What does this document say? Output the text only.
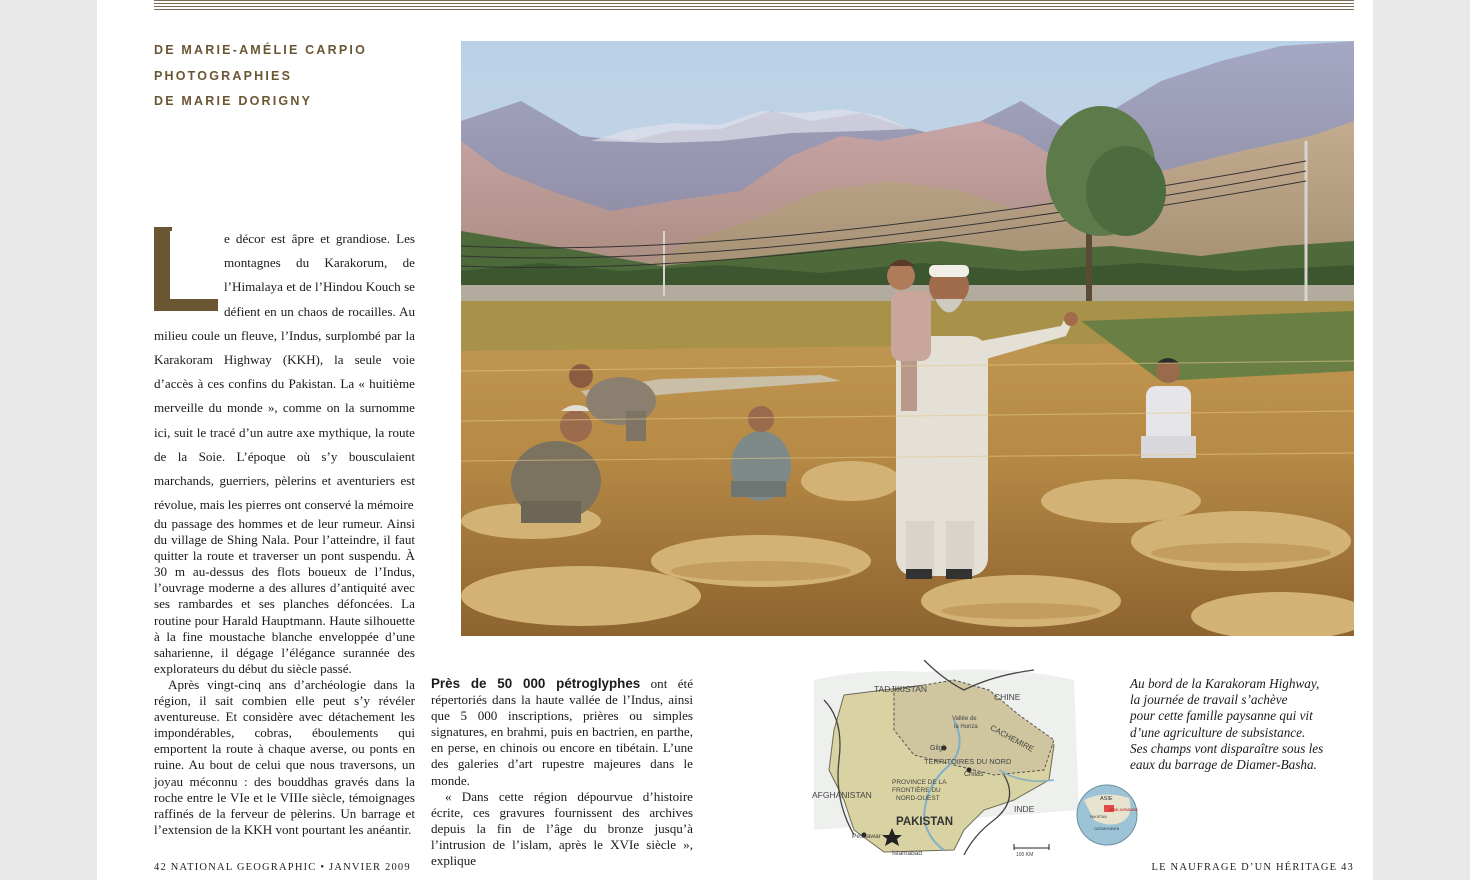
DE MARIE-AMÉLIE CARPIO
PHOTOGRAPHIES
DE MARIE DORIGNY
e décor est âpre et grandiose. Les montagnes du Karakorum, de l’Himalaya et de l’Hindou Kouch se défient en un chaos de rocailles. Au milieu coule un fleuve, l’Indus, surplombé par la Karakoram Highway (KKH), la seule voie d’accès à ces confins du Pakistan. La « huitième merveille du monde », comme on la surnomme ici, suit le tracé d’un autre axe mythique, la route de la Soie. L’époque où s’y bousculaient marchands, guerriers, pèlerins et aventuriers est révolue, mais les pierres ont conservé la mémoire

du passage des hommes et de leur rumeur. Ainsi du village de Shing Nala. Pour l’atteindre, il faut quitter la route et traverser un pont suspendu. À 30 m au-dessus des flots boueux de l’Indus, l’ouvrage moderne a des allures d’antiquité avec ses rambardes et ses planches défoncées. La routine pour Harald Hauptmann. Haute silhouette à la fine moustache blanche enveloppée d’une saharienne, il dégage l’élégance surannée des explorateurs du début du siècle passé.

Après vingt-cinq ans d’archéologie dans la région, il sait combien elle peut s’y révéler aventureuse. Et considère avec détachement les impondérables, cobras, éboulements qui emportent la route à chaque averse, ou ponts en ruine. Au bout de celui que nous traversons, un joyau méconnu : des bouddhas gravés dans la roche entre le VIe et le VIIIe siècle, témoignages raffinés de la ferveur de pèlerins. Un barrage et l’extension de la KKH vont pourtant les anéantir.

Près de 50 000 pétroglyphes ont été répertoriés dans la haute vallée de l’Indus, ainsi que 5 000 inscriptions, prières ou simples signatures, en brahmi, puis en bactrien, en parthe, en perse, en chinois ou encore en tibétain. L’une des galeries d’art rupestre majeures dans le monde.

« Dans cette région dépourvue d’histoire écrite, ces gravures fournissent des archives depuis la fin de l’âge du bronze jusqu’à l’intrusion de l’islam, après le XVIe siècle », explique

TADJIKISTAN
CHINE
Vallée de
la Hunza CACHEMIRE
Gilgit
TERRITOIRES DU NORD
Chilas
PROVINCE DE LA
FRONTIÈRE DU
NORD-OUEST
AFGHANISTAN
INDE
PAKISTAN
Peshawar
Islamabad	100 KM
ASIE
ZONE AGRANDIE
PAKISTAN
OCÉAN INDIEN
Au bord de la Karakoram Highway,
la journée de travail s’achève
pour cette famille paysanne qui vit
d’une agriculture de subsistance.
Ses champs vont disparaître sous les
eaux du barrage de Diamer-Basha.
42 NATIONAL GEOGRAPHIC • JANVIER 2009	LE NAUFRAGE D’UN HÉRITAGE 43
